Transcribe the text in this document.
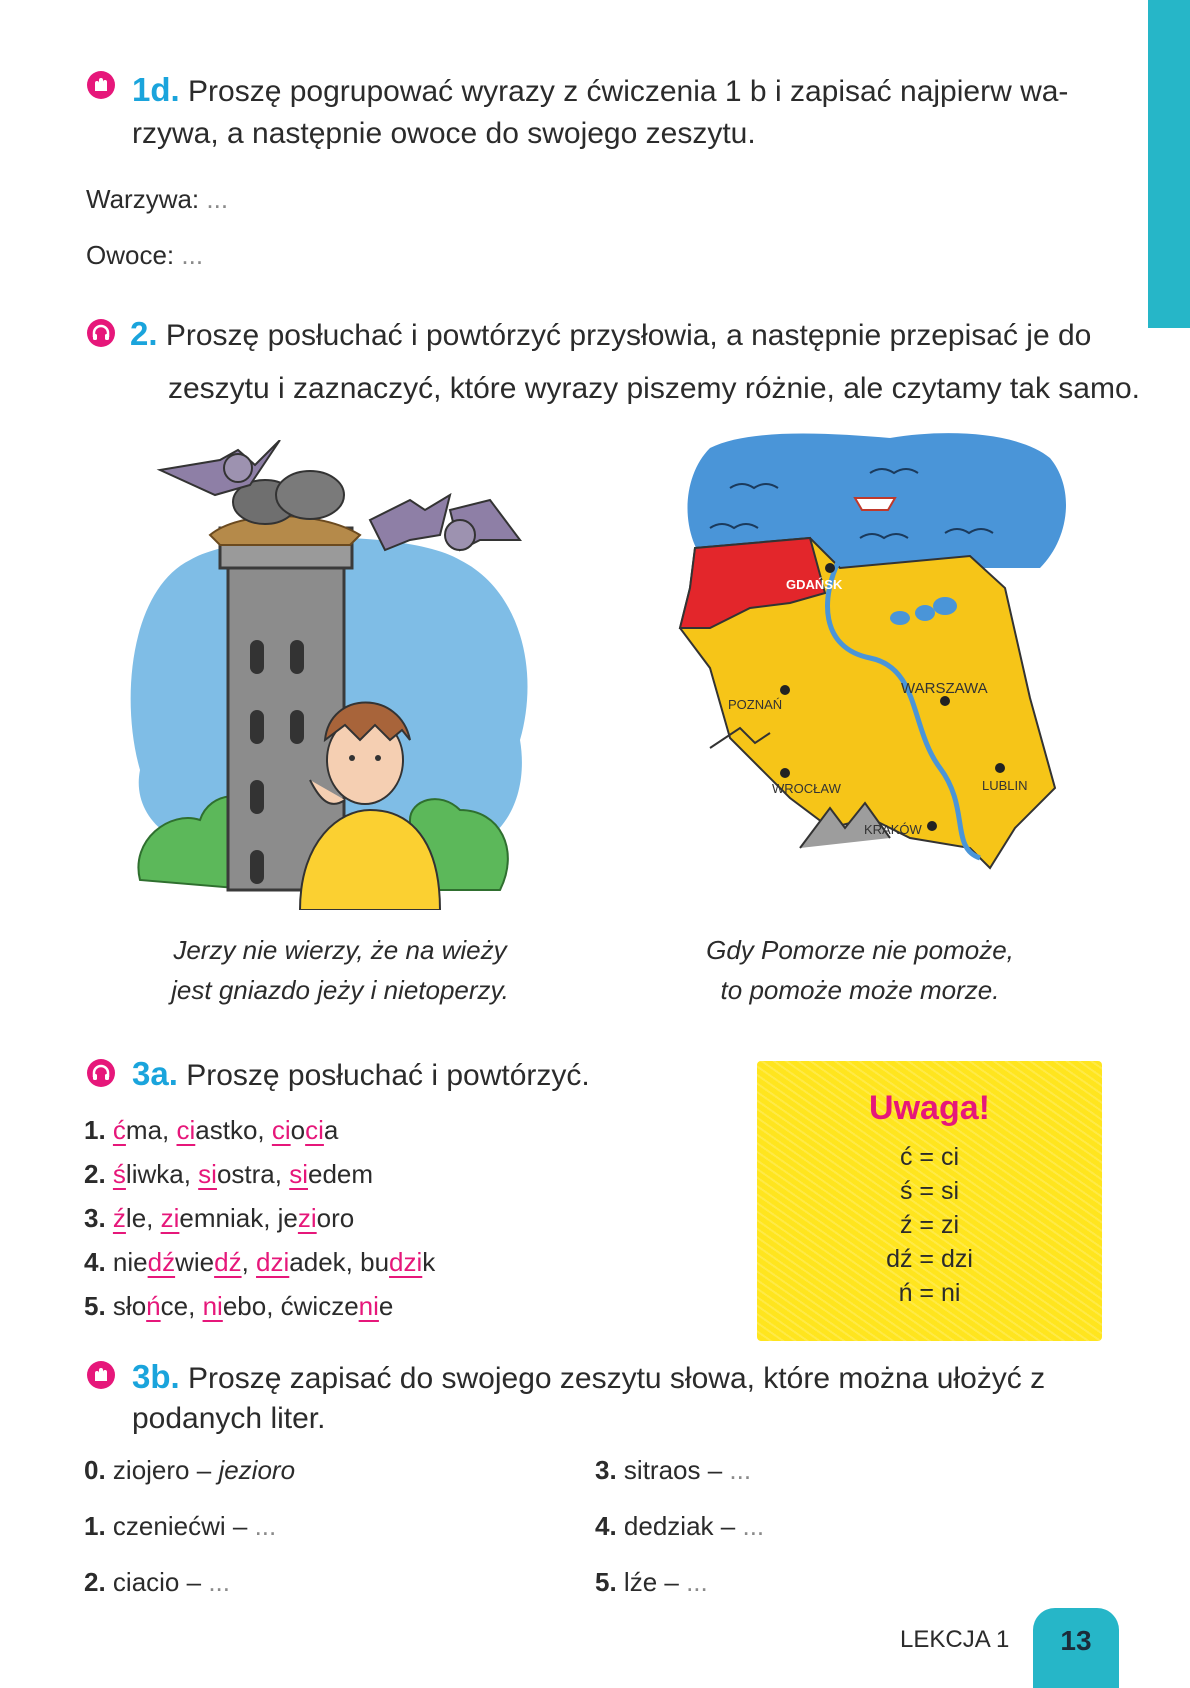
1d. Proszę pogrupować wyrazy z ćwiczenia 1 b i zapisać najpierw wa-
rzywa, a następnie owoce do swojego zeszytu.
Warzywa: ...
Owoce: ...
2. Proszę posłuchać i powtórzyć przysłowia, a następnie przepisać je do
zeszytu i zaznaczyć, które wyrazy piszemy różnie, ale czytamy tak samo.
GDAŃSK
POZNAŃ
WARSZAWA
WROCŁAW	LUBLIN
KRAKÓW
Jerzy nie wierzy, że na wieży
jest gniazdo jeży i nietoperzy.
Gdy Pomorze nie pomoże,
to pomoże może morze.
3a. Proszę posłuchać i powtórzyć.
1. ćma, ciastko, ciocia
2. śliwka, siostra, siedem
3. źle, ziemniak, jezioro
4. niedźwiedź, dziadek, budzik
5. słońce, niebo, ćwiczenie
Uwaga!
ć = ci
ś = si
ź = zi
dź = dzi
ń = ni
3b. Proszę zapisać do swojego zeszytu słowa, które można ułożyć z
podanych liter.
0. ziojero – jezioro
1. czeniećwi – ...
2. ciacio – ...
3. sitraos – ...
4. dedziak – ...
5. lźe – ...
LEKCJA 1	13
